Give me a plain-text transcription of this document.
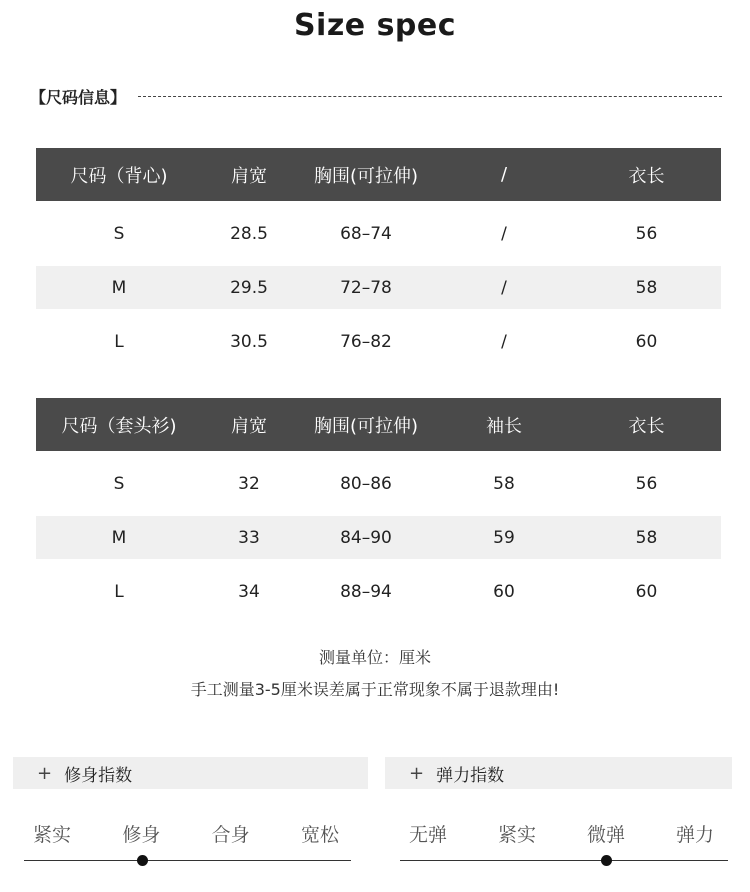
Size spec
【尺码信息】
尺码（背心)	肩宽	胸围(可拉伸)	/	衣长
S	28.5	68–74	/	56
M	29.5	72–78	/	58
L	30.5	76–82	/	60
尺码（套头衫)	肩宽	胸围(可拉伸)	袖长	衣长
S	32	80–86	58	56
M	33	84–90	59	58
L	34	88–94	60	60
测量单位：厘米
手工测量3-5厘米误差属于正常现象不属于退款理由!
+ 修身指数
紧实	修身	合身	宽松
+ 弹力指数
无弹	紧实	微弹	弹力
